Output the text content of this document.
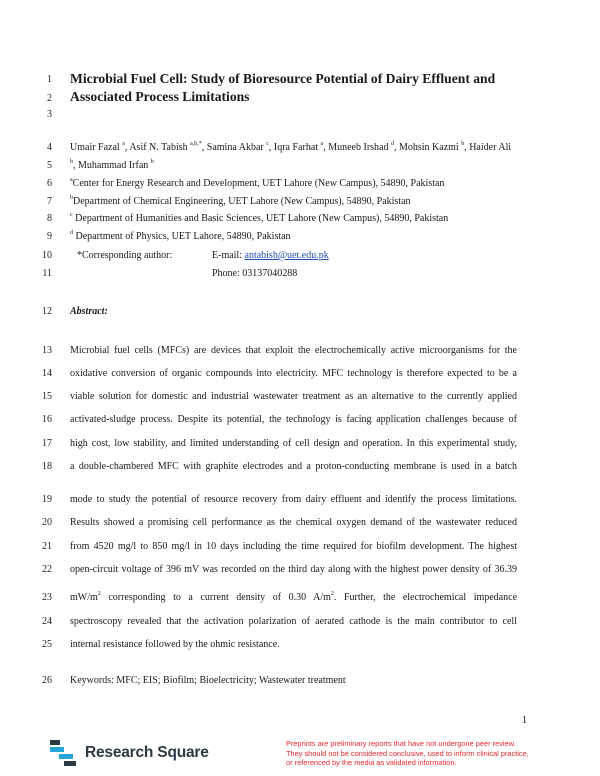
1
2
3
4
5
6
7
8
9
10
11
12
13
14
15
16
17
18
19
20
21
22
23
24
25
26
Microbial Fuel Cell: Study of Bioresource Potential of Dairy Effluent and
Associated Process Limitations
Umair Fazal $^a$, Asif N. Tabish $^{a,b,*}$, Samina Akbar $^c$, Iqra Farhat $^a$, Muneeb Irshad $^d$, Mohsin Kazmi $^b$, Haider Ali
$^b$, Muhammad Irfan $^b$
$^a$Center for Energy Research and Development, UET Lahore (New Campus), 54890, Pakistan
$^b$Department of Chemical Engineering, UET Lahore (New Campus), 54890, Pakistan
$^c$ Department of Humanities and Basic Sciences, UET Lahore (New Campus), 54890, Pakistan
$^d$ Department of Physics, UET Lahore, 54890, Pakistan
*Corresponding author:	E-mail: antabish@uet.edu.pk
Phone: 03137040288
Abstract:
Microbial fuel cells (MFCs) are devices that exploit the electrochemically active microorganisms for the
oxidative conversion of organic compounds into electricity. MFC technology is therefore expected to be a
viable solution for domestic and industrial wastewater treatment as an alternative to the currently applied
activated-sludge process. Despite its potential, the technology is facing application challenges because of
high cost, low stability, and limited understanding of cell design and operation. In this experimental study,
a double-chambered MFC with graphite electrodes and a proton-conducting membrane is used in a batch
mode to study the potential of resource recovery from dairy effluent and identify the process limitations.
Results showed a promising cell performance as the chemical oxygen demand of the wastewater reduced
from 4520 mg/l to 850 mg/l in 10 days including the time required for biofilm development. The highest
open-circuit voltage of 396 mV was recorded on the third day along with the highest power density of 36.39
$mW/m^2$ corresponding to a current density of 0.30 $A/m^2$. Further, the electrochemical impedance
spectroscopy revealed that the activation polarization of aerated cathode is the main contributor to cell
internal resistance followed by the ohmic resistance.
Keywords: MFC; EIS; Biofilm; Bioelectricity; Wastewater treatment
1
Research Square
Preprints are preliminary reports that have not undergone peer review.
They should not be considered conclusive, used to inform clinical practice,
or referenced by the media as validated information.
